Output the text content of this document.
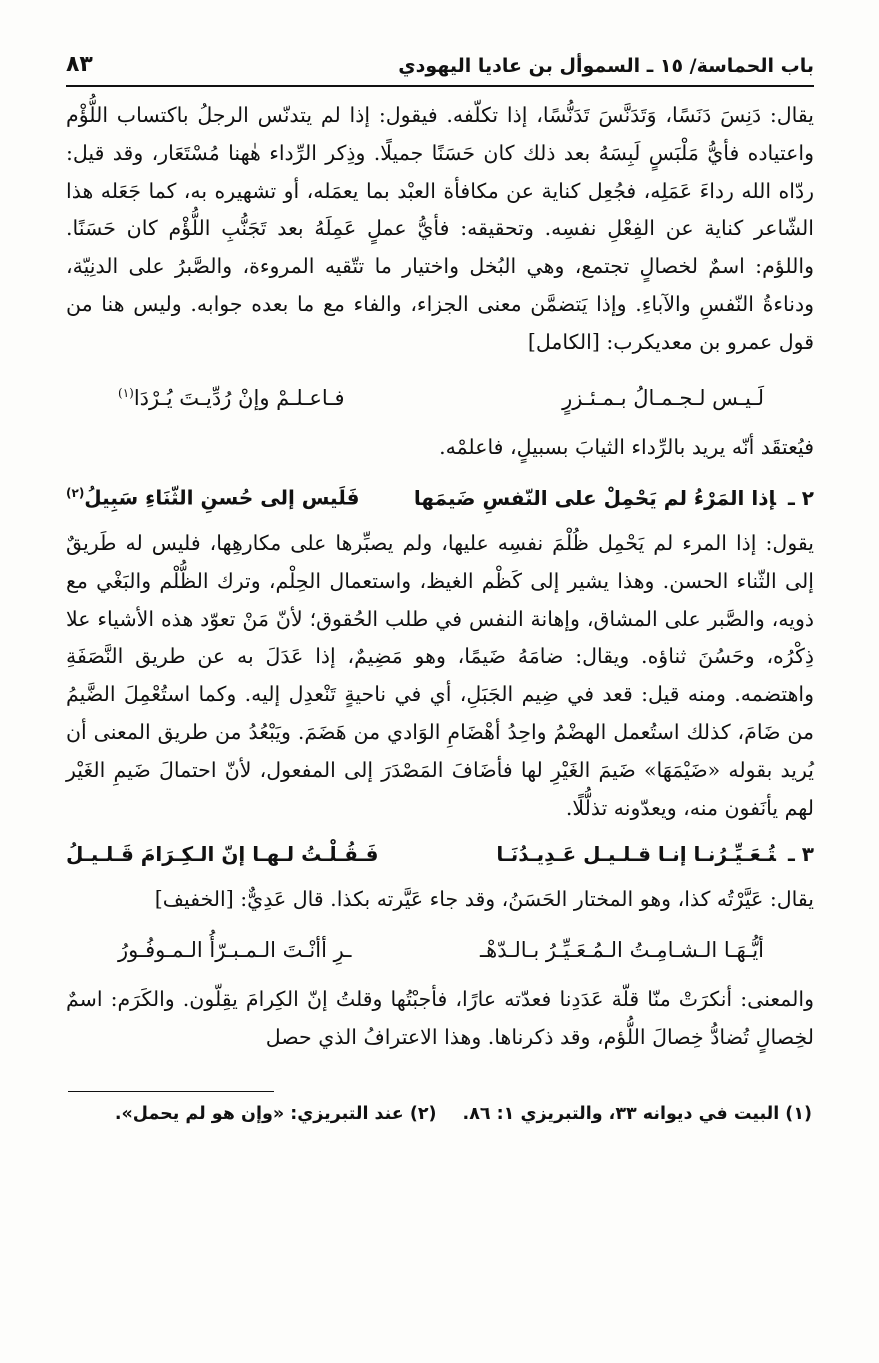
باب الحماسة/ ١٥ ـ السموأل بن عاديا اليهودي
٨٣

يقال: دَنِسَ دَنَسًا، وَتَدَنَّسَ تَدَنُّسًا، إذا تكلّفه. فيقول: إذا لم يتدنّس الرجلُ باكتساب اللُّؤْم واعتياده فأيُّ مَلْبَسٍ لَبِسَهُ بعد ذلك كان حَسَنًا جميلًا. وذِكر الرِّداء هٰهنا مُسْتَعَار، وقد قيل: ردّاه الله رداءَ عَمَلِه، فجُعِل كناية عن مكافأة العبْد بما يعمَله، أو تشهيره به، كما جَعَله هذا الشّاعر كناية عن الفِعْلِ نفسِه. وتحقيقه: فأيُّ عملٍ عَمِلَهُ بعد تَجَنُّبِ اللُّؤْم كان حَسَنًا. واللؤم: اسمٌ لخصالٍ تجتمع، وهي البُخل واختيار ما تتّقيه المروءة، والصَّبرُ على الدنِيّة، ودناءةُ النّفسِ والآباءِ. وإذا يَتضمَّن معنى الجزاء، والفاء مع ما بعده جوابه. وليس هنا من قول عمرو بن معديكرب: [الكامل]

لَـيـس لـجـمـالُ بـمـئـزرٍ
فـاعـلـمْ وإنْ رُدِّيـتَ يُـرْدَا$^{(١)}$

فيُعتقَد أنّه يريد بالرِّداء الثيابَ بسبيلٍ، فاعلمْه.

٢ ـإذا المَرْءُ لم يَحْمِلْ على النّفسِ ضَيمَها
فَلَيس إلى حُسنِ الثّنَاءِ سَبِيلُ$^{(٢)}$

يقول: إذا المرء لم يَحْمِل ظُلْمَ نفسِه عليها، ولم يصبِّرها على مكارهِها، فليس له طَريقٌ إلى الثّناء الحسن. وهذا يشير إلى كَظْم الغيظ، واستعمال الحِلْم، وترك الظُّلْم والبَغْي مع ذويه، والصَّبر على المشاق، وإهانة النفس في طلب الحُقوق؛ لأنّ مَنْ تعوّد هذه الأشياء علا ذِكْرُه، وحَسُنَ ثناؤه. ويقال: ضامَهُ ضَيمًا، وهو مَضِيمٌ، إذا عَدَلَ به عن طريق النَّصَفَةِ واهتضمه. ومنه قيل: قعد في ضِيم الجَبَلِ، أي في ناحيةٍ تَنْعدِل إليه. وكما استُعْمِلَ الضَّيمُ من ضَامَ، كذلك استُعمل الهضْمُ واحِدُ أهْضَامِ الوَادي من هَضَمَ. ويَبْعُدُ من طريق المعنى أن يُريد بقوله «ضَيْمَهَا» ضَيمَ الغَيْرِ لها فأضَافَ المَصْدَرَ إلى المفعول، لأنّ احتمالَ ضَيمِ الغَيْر لهم يأنَفون منه، ويعدّونه تذلُّلًا.

٣ ـتُـعَـيِّـرُنـا إنـا قـلـيـل عَـدِيـدُنَـا
فَـقُـلْـتُ لـهـا إنّ الـكِـرَامَ قَـلـيـلُ

يقال: عَيَّرْتُه كذا، وهو المختار الحَسَنُ، وقد جاء عَيَّرته بكذا. قال عَدِيٌّ: [الخفيف]

أيُّـهَـا الـشـامِـتُ الـمُـعَـيِّـرُ بـالـدّهْـ
ـرِ أأنْـتَ الـمـبـرّأُ الـمـوفُـورُ

والمعنى: أنكرَتْ منّا قلّة عَدَدِنا فعدّته عارًا، فأجبْتُها وقلتُ إنّ الكِرامَ يقِلّون. والكَرَم: اسمٌ لخِصالٍ تُضادُّ خِصالَ اللُّؤم، وقد ذكرناها. وهذا الاعترافُ الذي حصل

(١) البيت في ديوانه ٣٣، والتبريزي ١: ٨٦.
(٢) عند التبريزي: «وإن هو لم يحمل».
